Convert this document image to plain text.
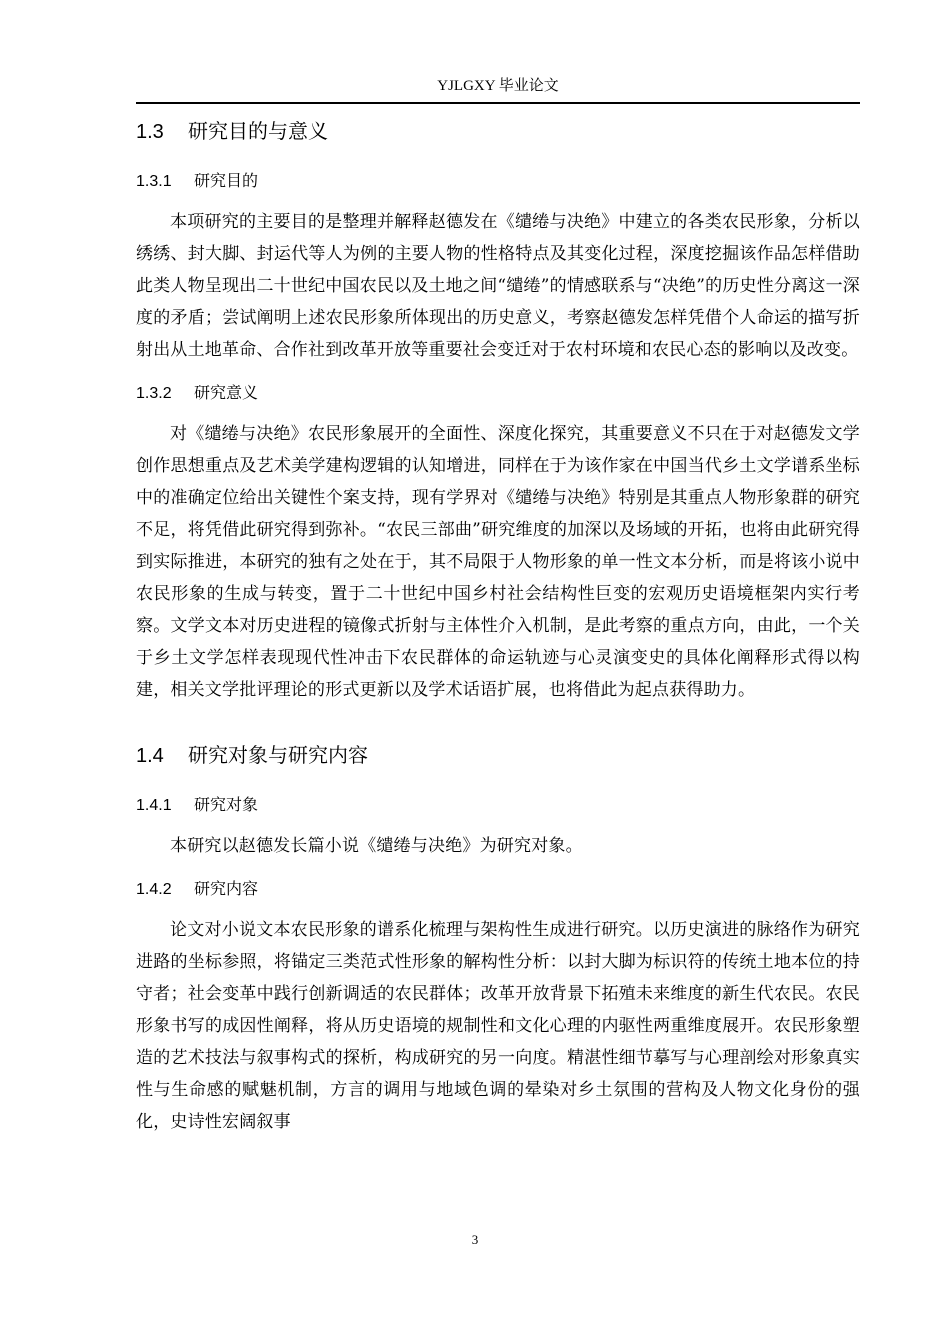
YJLGXY 毕业论文
1.3 研究目的与意义
1.3.1 研究目的

本项研究的主要目的是整理并解释赵德发在《缱绻与决绝》中建立的各类农民形象，分析以绣绣、封大脚、封运代等人为例的主要人物的性格特点及其变化过程，深度挖掘该作品怎样借助此类人物呈现出二十世纪中国农民以及土地之间“缱绻”的情感联系与“决绝”的历史性分离这一深度的矛盾；尝试阐明上述农民形象所体现出的历史意义，考察赵德发怎样凭借个人命运的描写折射出从土地革命、合作社到改革开放等重要社会变迁对于农村环境和农民心态的影响以及改变。

1.3.2 研究意义

对《缱绻与决绝》农民形象展开的全面性、深度化探究，其重要意义不只在于对赵德发文学创作思想重点及艺术美学建构逻辑的认知增进，同样在于为该作家在中国当代乡土文学谱系坐标中的准确定位给出关键性个案支持，现有学界对《缱绻与决绝》特别是其重点人物形象群的研究不足，将凭借此研究得到弥补。“农民三部曲”研究维度的加深以及场域的开拓，也将由此研究得到实际推进，本研究的独有之处在于，其不局限于人物形象的单一性文本分析，而是将该小说中农民形象的生成与转变，置于二十世纪中国乡村社会结构性巨变的宏观历史语境框架内实行考察。文学文本对历史进程的镜像式折射与主体性介入机制，是此考察的重点方向，由此，一个关于乡土文学怎样表现现代性冲击下农民群体的命运轨迹与心灵演变史的具体化阐释形式得以构建，相关文学批评理论的形式更新以及学术话语扩展，也将借此为起点获得助力。

1.4 研究对象与研究内容
1.4.1 研究对象

本研究以赵德发长篇小说《缱绻与决绝》为研究对象。

1.4.2 研究内容

论文对小说文本农民形象的谱系化梳理与架构性生成进行研究。以历史演进的脉络作为研究进路的坐标参照，将锚定三类范式性形象的解构性分析：以封大脚为标识符的传统土地本位的持守者；社会变革中践行创新调适的农民群体；改革开放背景下拓殖未来维度的新生代农民。农民形象书写的成因性阐释，将从历史语境的规制性和文化心理的内驱性两重维度展开。农民形象塑造的艺术技法与叙事构式的探析，构成研究的另一向度。精湛性细节摹写与心理剖绘对形象真实性与生命感的赋魅机制，方言的调用与地域色调的晕染对乡土氛围的营构及人物文化身份的强化，史诗性宏阔叙事

3
